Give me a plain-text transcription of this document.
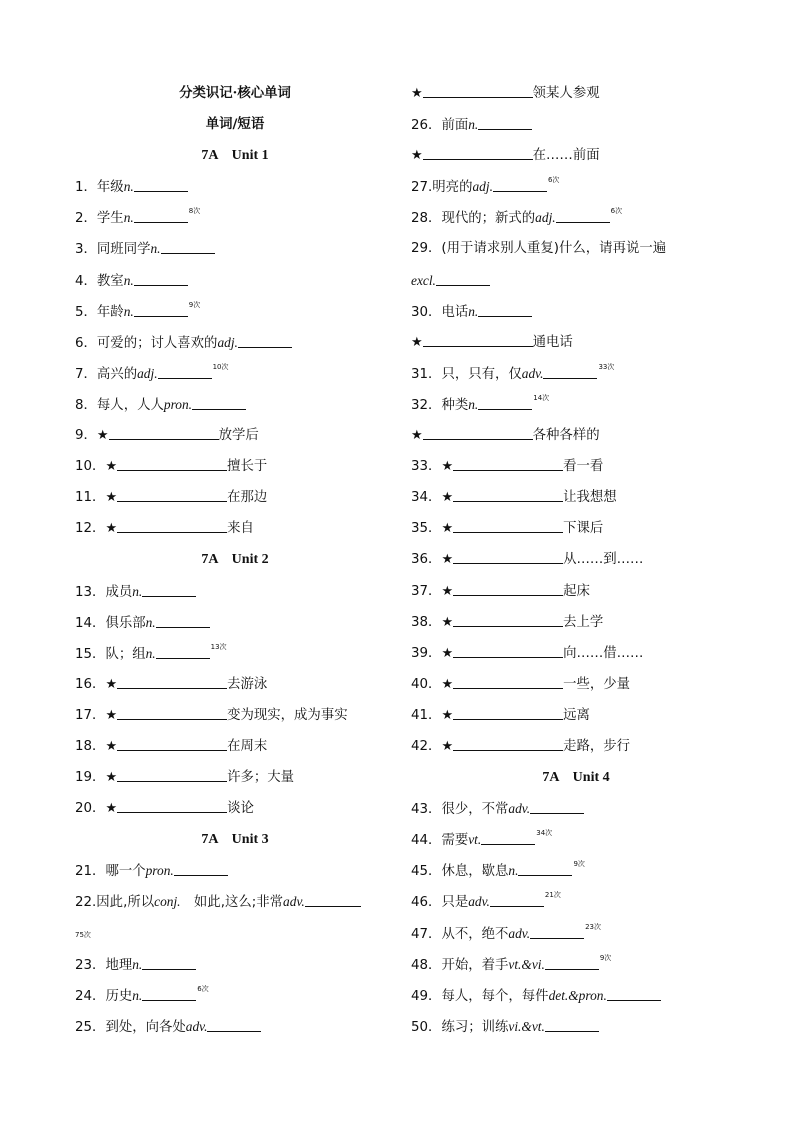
分类识记·核心单词
单词/短语
7A　Unit 1
1．年级n.
2．学生n.	$^{8次}$
3．同班同学n.
4．教室n.
5．年龄n.	$^{9次}$
6．可爱的；讨人喜欢的adj.
7．高兴的adj.	$^{10次}$
8．每人，人人pron.
9．★	放学后
10．★	擅长于
11．★	在那边
12．★	来自
7A　Unit 2
13．成员n.
14．俱乐部n.
15．队；组n.	$^{13次}$
16．★	去游泳
17．★	变为现实，成为事实
18．★	在周末
19．★	许多；大量
20．★	谈论
7A　Unit 3
21．哪一个pron.
22.因此,所以conj.　如此,这么;非常adv.
75次
23．地理n.
24．历史n.	$^{6次}$
25．到处，向各处adv.
★	领某人参观
26．前面n.
★	在……前面
27.明亮的adj.	$^{6次}$
28．现代的；新式的adj.	$^{6次}$
29．(用于请求别人重复)什么，请再说一遍
excl.
30．电话n.
★	通电话
31．只，只有，仅adv.	$^{33次}$
32．种类n.	$^{14次}$
★	各种各样的
33．★	看一看
34．★	让我想想
35．★	下课后
36．★	从……到……
37．★	起床
38．★	去上学
39．★	向……借……
40．★	一些，少量
41．★	远离
42．★	走路，步行
7A　Unit 4
43．很少，不常adv.
44．需要vt.	$^{34次}$
45．休息，歇息n.	$^{9次}$
46．只是adv.	$^{21次}$
47．从不，绝不adv.	$^{23次}$
48．开始，着手vt.&vi.	$^{9次}$
49．每人，每个，每件det.&pron.
50．练习；训练vi.&vt.
